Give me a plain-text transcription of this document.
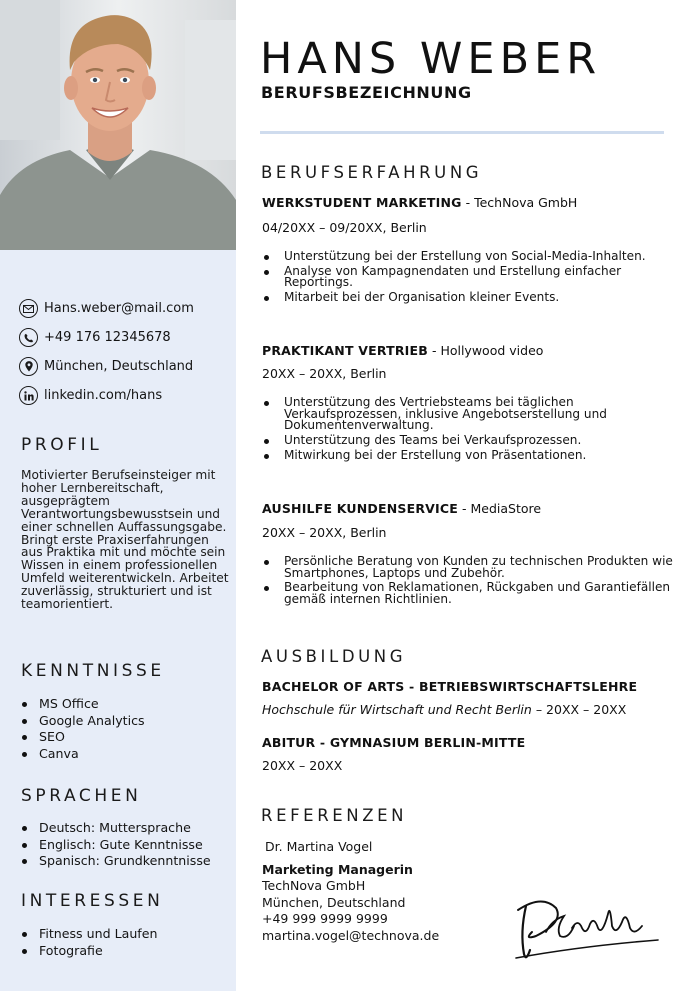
Hans.weber@mail.com
+49 176 12345678
München, Deutschland
linkedin.com/hans
PROFIL

Motivierter Berufseinsteiger mit hoher Lernbereitschaft, ausgeprägtem Verantwortungsbewusstsein und einer schnellen Auffassungsgabe. Bringt erste Praxiserfahrungen aus Praktika mit und möchte sein Wissen in einem professionellen Umfeld weiterentwickeln. Arbeitet zuverlässig, strukturiert und ist teamorientiert.

KENNTNISSE
MS Office
Google Analytics
SEO
Canva
SPRACHEN
Deutsch: Muttersprache
Englisch: Gute Kenntnisse
Spanisch: Grundkenntnisse
INTERESSEN
Fitness und Laufen
Fotografie
HANS WEBER
BERUFSBEZEICHNUNG
BERUFSERFAHRUNG
WERKSTUDENT MARKETING - TechNova GmbH
04/20XX – 09/20XX, Berlin
Unterstützung bei der Erstellung von Social-Media-Inhalten.
Analyse von Kampagnendaten und Erstellung einfacher Reportings.
Mitarbeit bei der Organisation kleiner Events.
PRAKTIKANT VERTRIEB - Hollywood video
20XX – 20XX, Berlin
Unterstützung des Vertriebsteams bei täglichen Verkaufsprozessen, inklusive Angebotserstellung und Dokumentenverwaltung.
Unterstützung des Teams bei Verkaufsprozessen.
Mitwirkung bei der Erstellung von Präsentationen.
AUSHILFE KUNDENSERVICE - MediaStore
20XX – 20XX, Berlin
Persönliche Beratung von Kunden zu technischen Produkten wie Smartphones, Laptops und Zubehör.
Bearbeitung von Reklamationen, Rückgaben und Garantiefällen gemäß internen Richtlinien.
AUSBILDUNG
BACHELOR OF ARTS - BETRIEBSWIRTSCHAFTSLEHRE
Hochschule für Wirtschaft und Recht Berlin – 20XX – 20XX
ABITUR - GYMNASIUM BERLIN-MITTE
20XX – 20XX
REFERENZEN
Dr. Martina Vogel
Marketing Managerin
TechNova GmbH
München, Deutschland
+49 999 9999 9999
martina.vogel@technova.de
